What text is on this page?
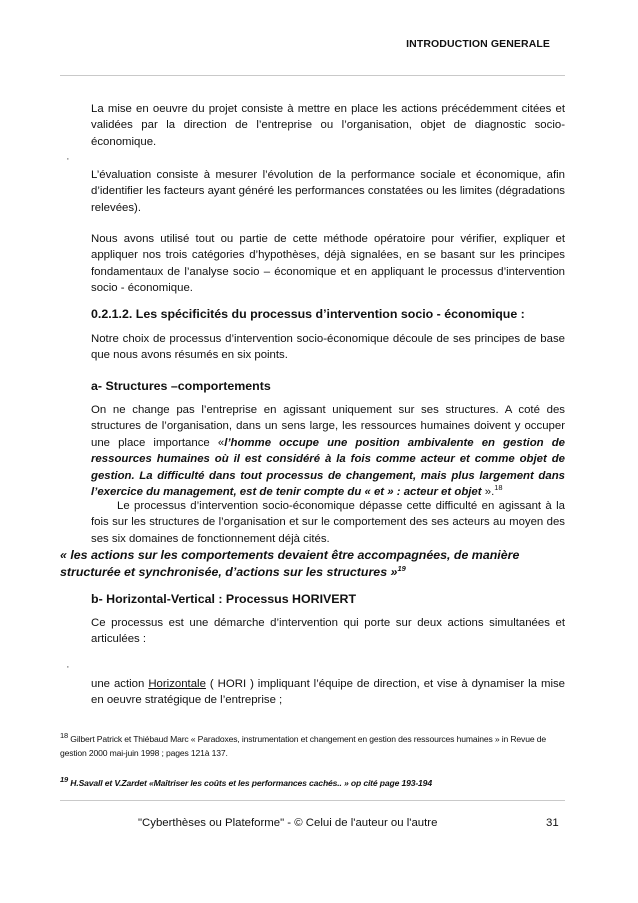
INTRODUCTION GENERALE
La mise en oeuvre du projet consiste à mettre en place les actions précédemment citées et validées par la direction de l’entreprise ou l’organisation, objet de diagnostic socio-économique.
·
L’évaluation consiste à mesurer l’évolution de la performance sociale et économique, afin d’identifier les facteurs ayant généré les performances constatées ou les limites (dégradations relevées).
Nous avons utilisé tout ou partie de cette méthode opératoire pour vérifier, expliquer et appliquer nos trois catégories d’hypothèses, déjà signalées, en se basant sur les principes fondamentaux de l’analyse socio – économique et en appliquant le processus d’intervention socio - économique.
0.2.1.2. Les spécificités du processus d’intervention socio - économique :
Notre choix de processus d’intervention socio-économique découle de ses principes de base que nous avons résumés en six points.
a- Structures –comportements
On ne change pas l’entreprise en agissant uniquement sur ses structures. A coté des structures de l’organisation, dans un sens large, les ressources humaines doivent y occuper une place importance «l’homme occupe une position ambivalente en gestion de ressources humaines où il est considéré à la fois comme acteur et comme objet de gestion. La difficulté dans tout processus de changement, mais plus largement dans l’exercice du management, est de tenir compte du « et » : acteur et objet ».$^{18}$
Le processus d’intervention socio-économique dépasse cette difficulté en agissant à la fois sur les structures de l’organisation et sur le comportement des ses acteurs au moyen des ses six domaines de fonctionnement déjà cités.
« les actions sur les comportements devaient être accompagnées, de manière structurée et synchronisée, d’actions sur les structures »$^{19}$
b- Horizontal-Vertical : Processus HORIVERT
Ce processus est une démarche d’intervention qui porte sur deux actions simultanées et articulées :
·
une action Horizontale ( HORI ) impliquant l’équipe de direction, et vise à dynamiser la mise en oeuvre stratégique de l’entreprise ;
$^{18}$ Gilbert Patrick et Thiébaud Marc « Paradoxes, instrumentation et changement en gestion des ressources humaines » in Revue de gestion 2000 mai-juin 1998 ; pages 121à 137.
$^{19}$ H.Savall et V.Zardet «Maîtriser les coûts et les performances cachés.. » op cité page 193-194
"Cyberthèses ou Plateforme" - © Celui de l'auteur ou l'autre	31
